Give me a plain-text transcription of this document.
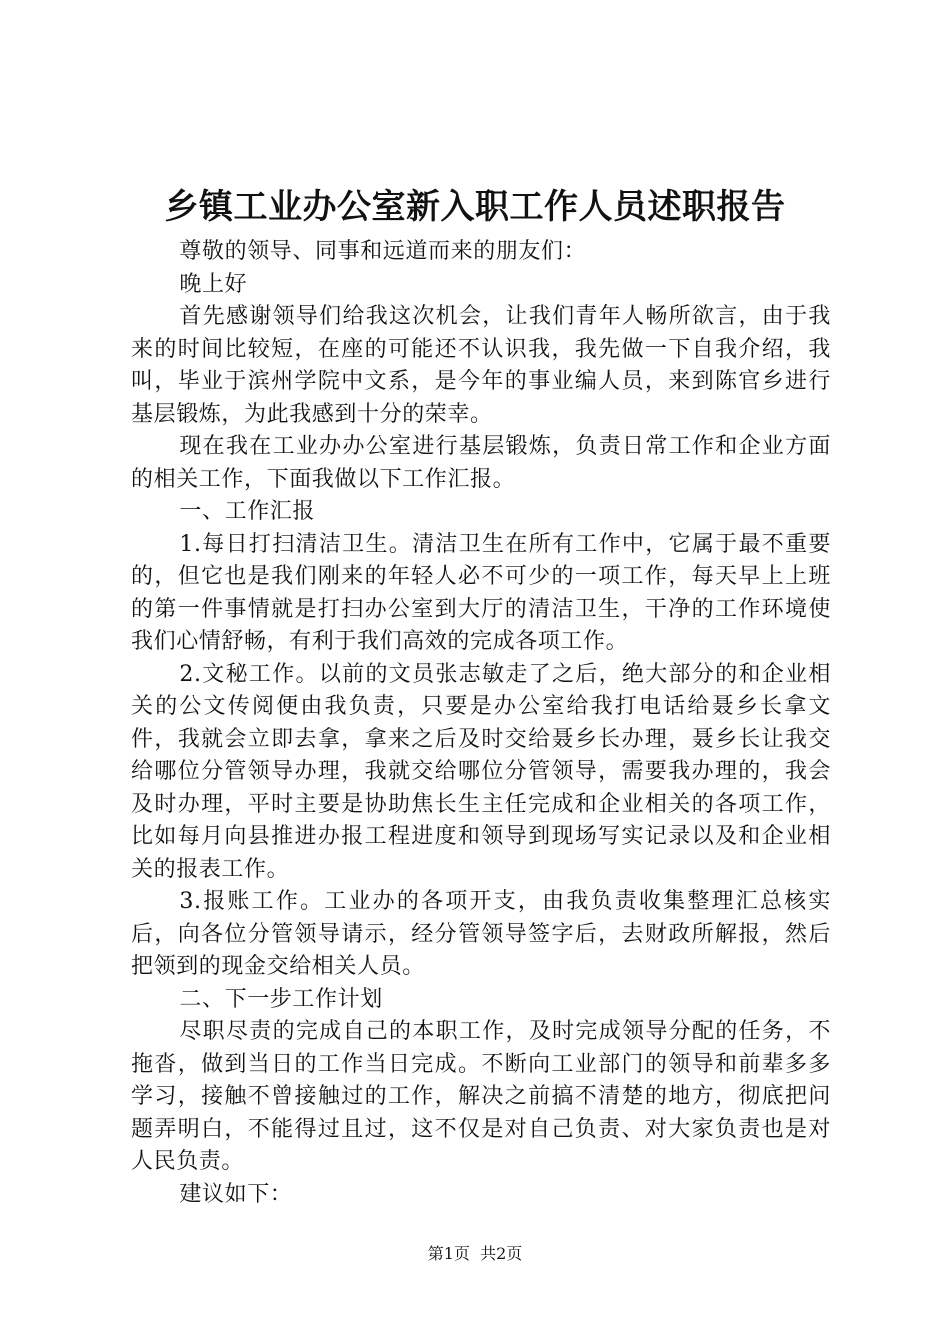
乡镇工业办公室新入职工作人员述职报告

尊敬的领导、同事和远道而来的朋友们：

晚上好

首先感谢领导们给我这次机会，让我们青年人畅所欲言，由于我来的时间比较短，在座的可能还不认识我，我先做一下自我介绍，我叫，毕业于滨州学院中文系，是今年的事业编人员，来到陈官乡进行基层锻炼，为此我感到十分的荣幸。

现在我在工业办办公室进行基层锻炼，负责日常工作和企业方面的相关工作，下面我做以下工作汇报。

一、工作汇报

1.每日打扫清洁卫生。清洁卫生在所有工作中，它属于最不重要的，但它也是我们刚来的年轻人必不可少的一项工作，每天早上上班的第一件事情就是打扫办公室到大厅的清洁卫生，干净的工作环境使我们心情舒畅，有利于我们高效的完成各项工作。

2.文秘工作。以前的文员张志敏走了之后，绝大部分的和企业相关的公文传阅便由我负责，只要是办公室给我打电话给聂乡长拿文件，我就会立即去拿，拿来之后及时交给聂乡长办理，聂乡长让我交给哪位分管领导办理，我就交给哪位分管领导，需要我办理的，我会及时办理，平时主要是协助焦长生主任完成和企业相关的各项工作，比如每月向县推进办报工程进度和领导到现场写实记录以及和企业相关的报表工作。

3.报账工作。工业办的各项开支，由我负责收集整理汇总核实后，向各位分管领导请示，经分管领导签字后，去财政所解报，然后把领到的现金交给相关人员。

二、下一步工作计划

尽职尽责的完成自己的本职工作，及时完成领导分配的任务，不拖沓，做到当日的工作当日完成。不断向工业部门的领导和前辈多多学习，接触不曾接触过的工作，解决之前搞不清楚的地方，彻底把问题弄明白，不能得过且过，这不仅是对自己负责、对大家负责也是对人民负责。

建议如下：

第1页 共2页
